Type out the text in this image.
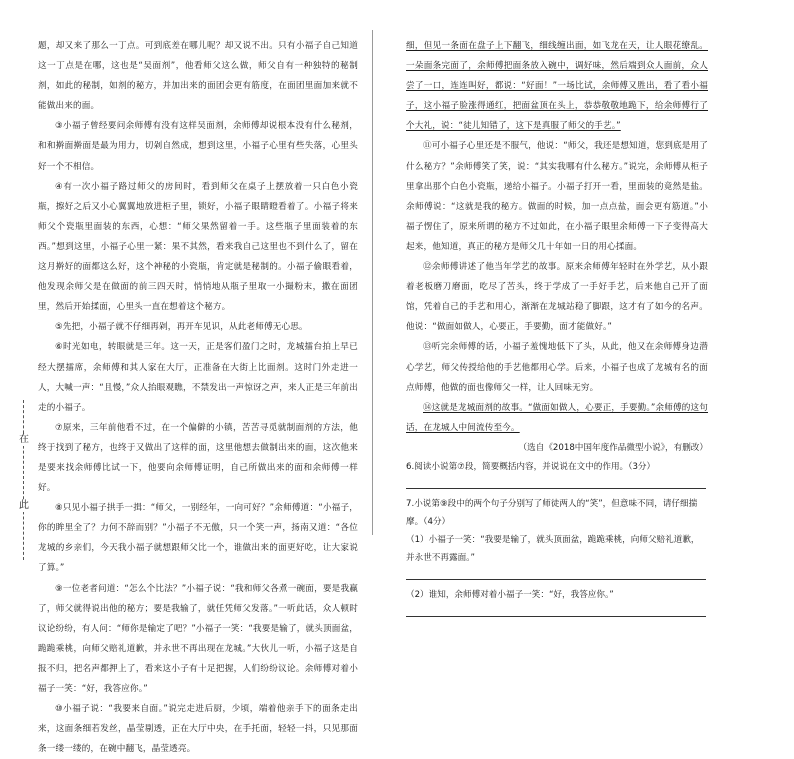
在
此

题，却又来了那么一丁点。可到底差在哪儿呢？却又说不出。只有小福子自己知道这一丁点是在哪，这也是“吴面剂”，他看师父这么做，师父自有一种独特的秘制剂，如此的秘制，如剂的秘方，并加出来的面团会更有筋度，在面团里面加来就不能做出来的面。

③小福子曾经要问余师傅有没有这样吴面剂，余师傅却说根本没有什么秘剂，和和擀面擀面是最为用力，切剁自然成，想到这里，小福子心里有些失落，心里头好一个不相信。

④有一次小福子路过师父的房间时，看到师父在桌子上摆放着一只白色小瓷瓶，擦好之后又小心翼翼地放进柜子里，锁好，小福子眼睛瞪看着了。小福子将来师父个瓷瓶里面装的东西，心想：“师父果然留着一手。这些瓶子里面装着的东西。”想到这里，小福子心里一紧：果不其然，看来我自己这里也不到什么了，留在这月擀好的面都这么好，这个神秘的小瓷瓶，肯定就是秘制的。小福子偷眼看着，他发现余师父是在做面的前三四天时，悄悄地从瓶子里取一小撮粉末，撒在面团里，然后开始揉面，心里头一直在想着这个秘方。

⑤先把，小福子就不仔细再剁，再开车见识，从此老师傅无心思。

⑥时光如电，转眼就是三年。这一天，正是客们盈门之时，龙城擂台拍上早已经大摆擂席，余师傅和其人家在大厅，正准备在大街上比面剂。这时门外走进一人，大喊一声：“且慢，”众人抬眼观瞧，不禁发出一声惊讶之声，来人正是三年前出走的小福子。

⑦原来，三年前他看不过，在一个偏僻的小镇，苦苦寻觅就制面剂的方法，他终于找到了秘方，也终于又做出了这样的面，这里他想去做制出来的面，这次他来是要来找余师傅比试一下，他要向余师傅证明，自己所做出来的面和余师傅一样好。

⑧只见小福子拱手一揖：“师父，一别经年，一向可好？”余师傅道：“小福子，你的眸里全了？力何不辞而别？”小福子不无傲，只一个笑一声，扬南又道：“各位龙城的乡亲们，今天我小福子就想跟师父比一个，谁做出来的面更好吃，让大家说了算。”

⑨一位老者问道：“怎么个比法？”小福子说：“我和师父各煮一碗面，要是我赢了，师父就得说出他的秘方；要是我输了，就任凭师父发落。”一听此话，众人顿时议论纷纷，有人问：“师你是输定了吧？”小福子一笑：“我要是输了，就头顶面盆，跪跪乘桃，向师父赔礼道歉，并永世不再出现在龙城。”大伙儿一听，小福子这是自报不归，把名声都押上了，看来这小子有十足把握，人们纷纷议论。余师傅对着小福子一笑：“好，我答应你。”

⑩小福子说：“我要来自面。”说完走进后厨，少顷，端着他亲手下的面条走出来，这面条细若发丝，晶莹剔透，正在大厅中央，在手托面，轻轻一抖，只见那面条一缕一缕的，在碗中翻飞，晶莹透亮。

细，但见一条面在盘子上下翻飞，细线缠出面，如飞龙在天，让人眼花缭乱。一朵面条完面了，余师傅把面条放入碗中，调好味，然后端到众人面前，众人尝了一口，连连叫好，都说：“好面！”一场比试，余师傅又胜出，看了看小福子，这小福子脸涨得通红，把面盆顶在头上，恭恭敬敬地跪下，给余师傅行了个大礼，说：“徒儿知错了，这下是真服了师父的手艺。”

⑪可小福子心里还是不服气，他说：“师父，我还是想知道，您到底是用了什么秘方？”余师傅笑了笑，说：“其实我哪有什么秘方。”说完，余师傅从柜子里拿出那个白色小瓷瓶，递给小福子。小福子打开一看，里面装的竟然是盐。余师傅说：“这就是我的秘方。做面的时候，加一点点盐，面会更有筋道。”小福子愣住了，原来所谓的秘方不过如此，在小福子眼里余师傅一下子变得高大起来，他知道，真正的秘方是师父几十年如一日的用心揉面。

⑫余师傅讲述了他当年学艺的故事。原来余师傅年轻时在外学艺，从小跟着老板磨刀磨面，吃尽了苦头，终于学成了一手好手艺，后来他自己开了面馆，凭着自己的手艺和用心，渐渐在龙城站稳了脚跟，这才有了如今的名声。他说：“做面如做人，心要正，手要勤，面才能做好。”

⑬听完余师傅的话，小福子羞愧地低下了头，从此，他又在余师傅身边潜心学艺，师父传授给他的手艺他都用心学。后来，小福子也成了龙城有名的面点师傅，他做的面也像师父一样，让人回味无穷。

⑭这就是龙城面剂的故事。“做面如做人，心要正，手要勤。”余师傅的这句话，在龙城人中间流传至今。

（选自《2018中国年度作品微型小说》，有删改）

6.阅读小说第⑦段，简要概括内容，并说说在文中的作用。（3分）

7.小说第⑨段中的两个句子分别写了师徒两人的“笑”，但意味不同，请仔细揣摩。（4分）

（1）小福子一笑：“我要是输了，就头顶面盆，跪跪乘桃，向师父赔礼道歉，并永世不再露面。”

（2）谁知，余师傅对着小福子一笑：“好，我答应你。”
